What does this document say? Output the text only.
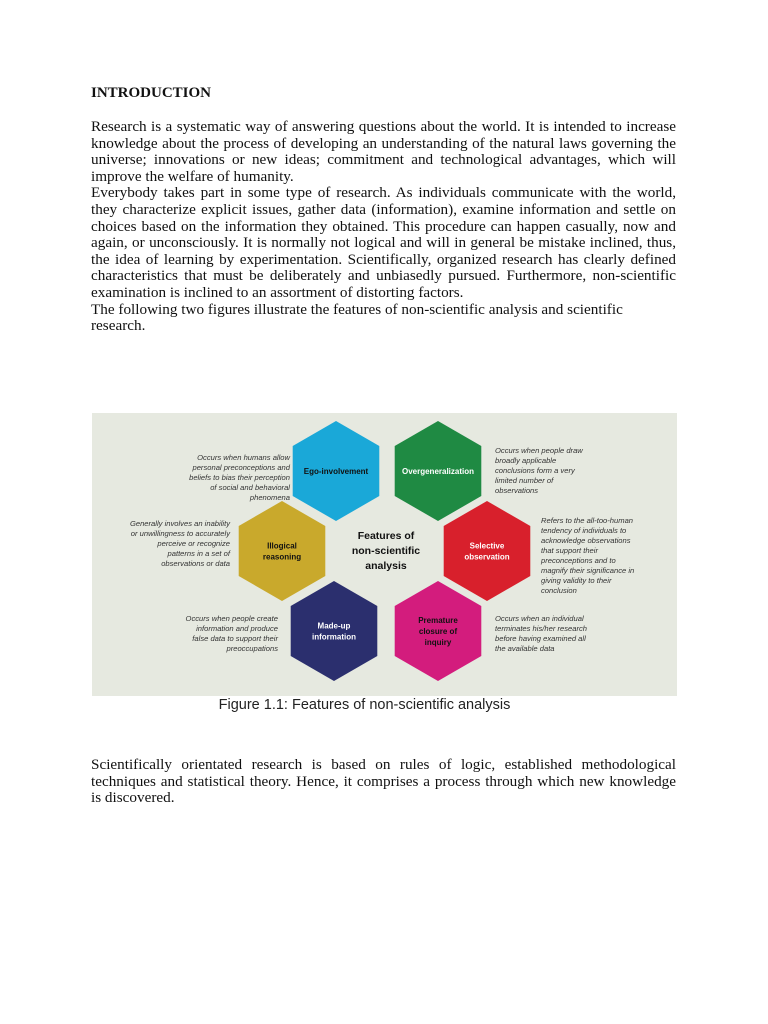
INTRODUCTION

Research is a systematic way of answering questions about the world. It is intended to increase knowledge about the process of developing an understanding of the natural laws governing the universe; innovations or new ideas; commitment and technological advantages, which will improve the welfare of humanity.

Everybody takes part in some type of research. As individuals communicate with the world, they characterize explicit issues, gather data (information), examine information and settle on choices based on the information they obtained. This procedure can happen casually, now and again, or unconsciously. It is normally not logical and will in general be mistake inclined, thus, the idea of learning by experimentation. Scientifically, organized research has clearly defined characteristics that must be deliberately and unbiasedly pursued. Furthermore, non-scientific examination is inclined to an assortment of distorting factors.

The following two figures illustrate the features of non-scientific analysis and scientific

research.

Ego-involvement	Overgeneralization
Illogical
reasoning
Selective
observation
Made-up
information
Premature
closure of
inquiry
Features of
non-scientific
analysis
Occurs when humans allow
personal preconceptions and
beliefs to bias their perception
of social and behavioral
phenomena
Occurs when people draw
broadly applicable
conclusions form a very
limited number of
observations
Generally involves an inability
or unwillingness to accurately
perceive or recognize
patterns in a set of
observations or data
Refers to the all-too-human
tendency of individuals to
acknowledge observations
that support their
preconceptions and to
magnify their significance in
giving validity to their
conclusion
Occurs when people create
information and produce
false data to support their
preoccupations
Occurs when an individual
terminates his/her research
before having examined all
the available data
Figure 1.1: Features of non-scientific analysis

Scientifically orientated research is based on rules of logic, established methodological techniques and statistical theory. Hence, it comprises a process through which new knowledge is discovered.
